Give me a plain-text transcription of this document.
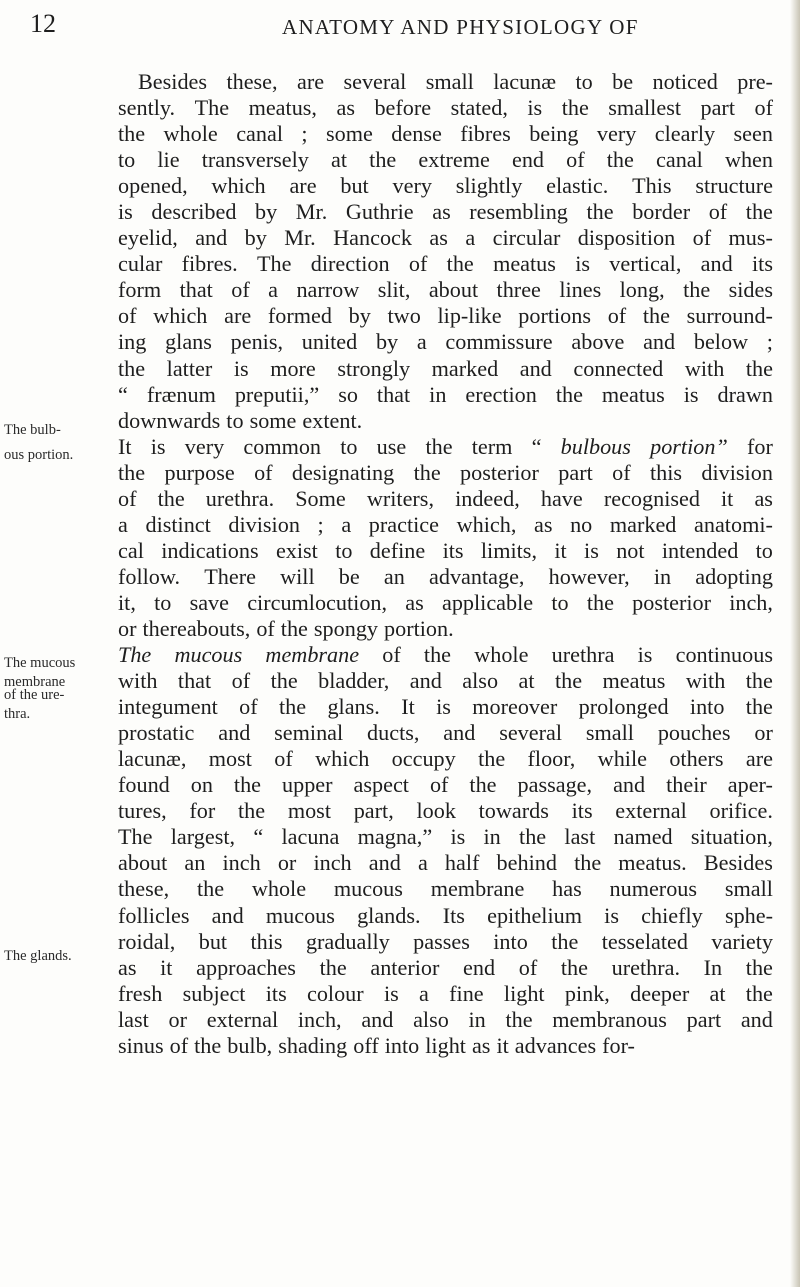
12	ANATOMY AND PHYSIOLOGY OF
The bulb-
ous portion.
The mucous
membrane
of the ure-
thra.
The glands.
Besides these, are several small lacunæ to be noticed pre-
sently. The meatus, as before stated, is the smallest part of
the whole canal ; some dense fibres being very clearly seen
to lie transversely at the extreme end of the canal when
opened, which are but very slightly elastic. This structure
is described by Mr. Guthrie as resembling the border of the
eyelid, and by Mr. Hancock as a circular disposition of mus-
cular fibres. The direction of the meatus is vertical, and its
form that of a narrow slit, about three lines long, the sides
of which are formed by two lip-like portions of the surround-
ing glans penis, united by a commissure above and below ;
the latter is more strongly marked and connected with the
“ frænum preputii,” so that in erection the meatus is drawn
downwards to some extent.
It is very common to use the term “ bulbous portion” for
the purpose of designating the posterior part of this division
of the urethra. Some writers, indeed, have recognised it as
a distinct division ; a practice which, as no marked anatomi-
cal indications exist to define its limits, it is not intended to
follow. There will be an advantage, however, in adopting
it, to save circumlocution, as applicable to the posterior inch,
or thereabouts, of the spongy portion.
The mucous membrane of the whole urethra is continuous
with that of the bladder, and also at the meatus with the
integument of the glans. It is moreover prolonged into the
prostatic and seminal ducts, and several small pouches or
lacunæ, most of which occupy the floor, while others are
found on the upper aspect of the passage, and their aper-
tures, for the most part, look towards its external orifice.
The largest, “ lacuna magna,” is in the last named situation,
about an inch or inch and a half behind the meatus. Besides
these, the whole mucous membrane has numerous small
follicles and mucous glands. Its epithelium is chiefly sphe-
roidal, but this gradually passes into the tesselated variety
as it approaches the anterior end of the urethra. In the
fresh subject its colour is a fine light pink, deeper at the
last or external inch, and also in the membranous part and
sinus of the bulb, shading off into light as it advances for-
